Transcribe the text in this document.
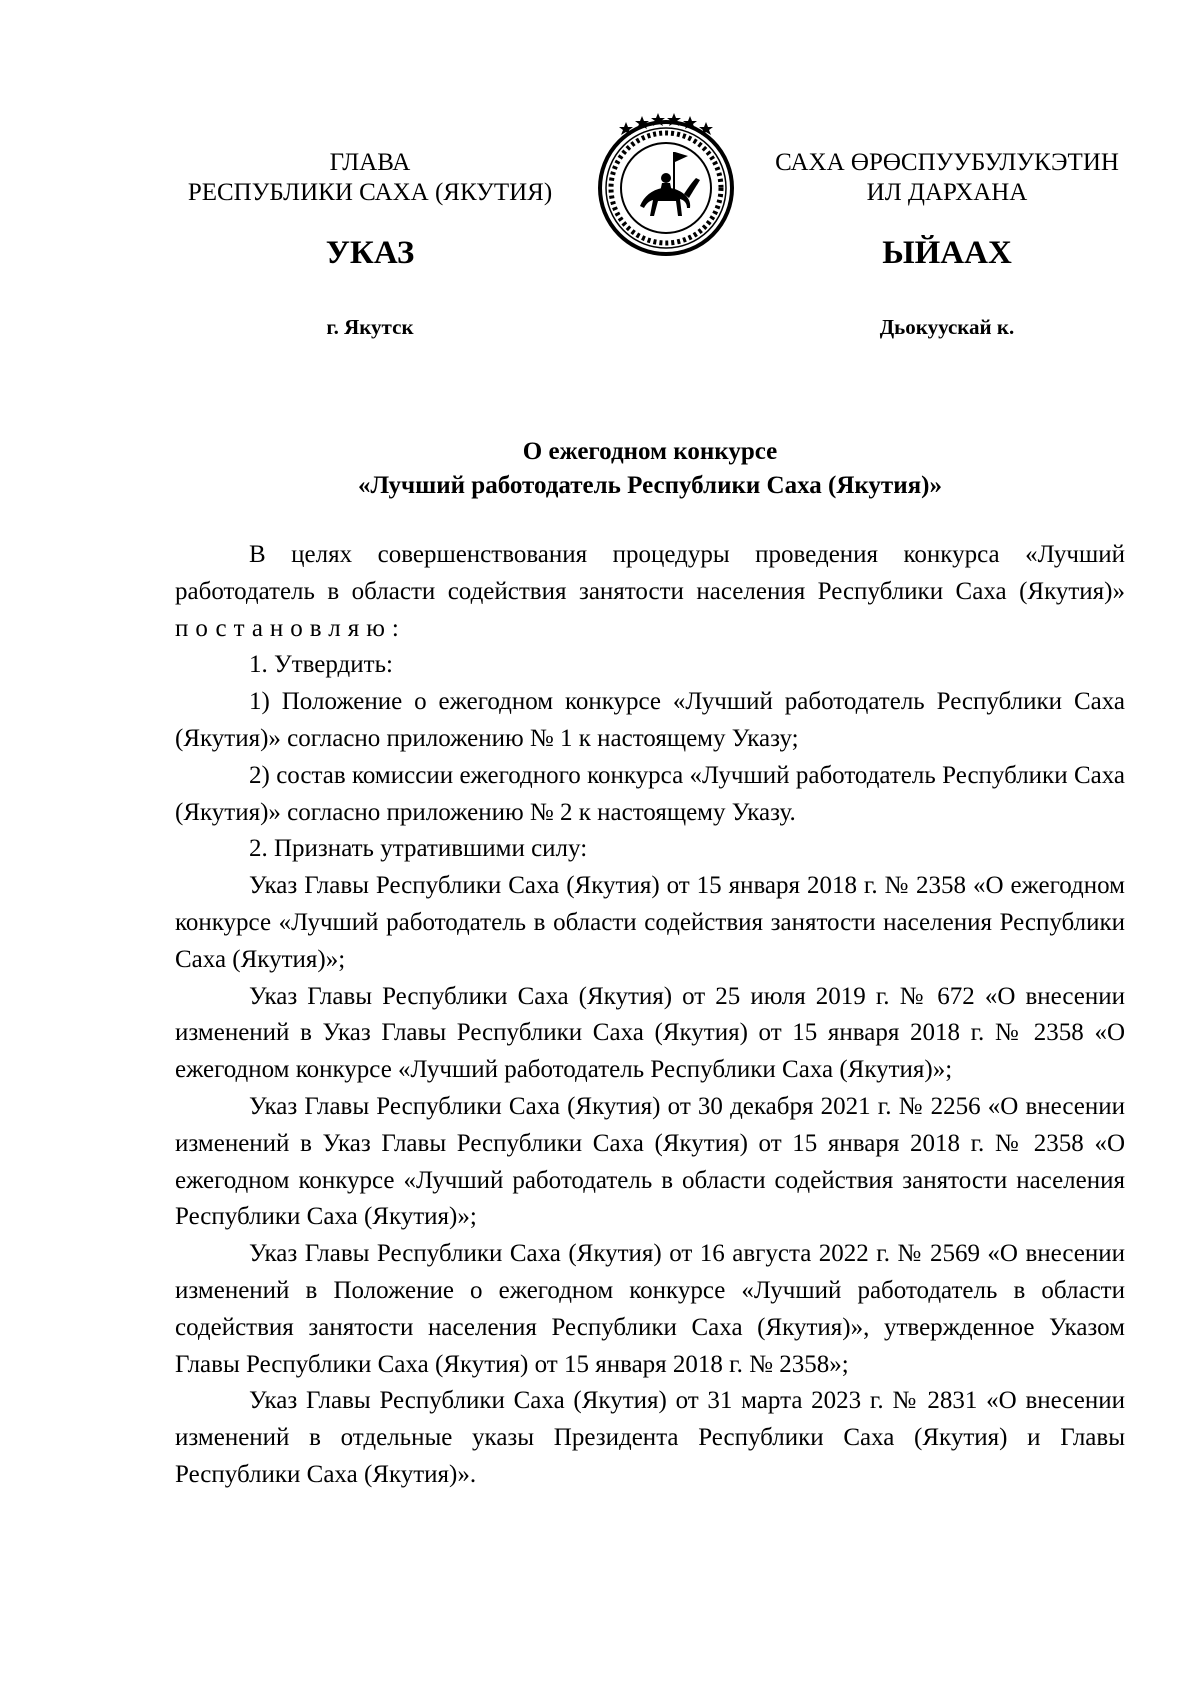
ГЛАВА
РЕСПУБЛИКИ САХА (ЯКУТИЯ)
САХА ӨРӨСПУУБУЛУКЭТИН
ИЛ ДАРХАНА
УКАЗ	ЫЙААХ
г. Якутск	Дьокуускай к.
О ежегодном конкурсе
«Лучший работодатель Республики Саха (Якутия)»

В целях совершенствования процедуры проведения конкурса «Лучший работодатель в области содействия занятости населения Республики Саха (Якутия)» постановляю:

1. Утвердить:

1) Положение о ежегодном конкурсе «Лучший работодатель Республики Саха (Якутия)» согласно приложению № 1 к настоящему Указу;

2) состав комиссии ежегодного конкурса «Лучший работодатель Республики Саха (Якутия)» согласно приложению № 2 к настоящему Указу.

2. Признать утратившими силу:

Указ Главы Республики Саха (Якутия) от 15 января 2018 г. № 2358 «О ежегодном конкурсе «Лучший работодатель в области содействия занятости населения Республики Саха (Якутия)»;

Указ Главы Республики Саха (Якутия) от 25 июля 2019 г. № 672 «О внесении изменений в Указ Главы Республики Саха (Якутия) от 15 января 2018 г. № 2358 «О ежегодном конкурсе «Лучший работодатель Республики Саха (Якутия)»;

Указ Главы Республики Саха (Якутия) от 30 декабря 2021 г. № 2256 «О внесении изменений в Указ Главы Республики Саха (Якутия) от 15 января 2018 г. № 2358 «О ежегодном конкурсе «Лучший работодатель в области содействия занятости населения Республики Саха (Якутия)»;

Указ Главы Республики Саха (Якутия) от 16 августа 2022 г. № 2569 «О внесении изменений в Положение о ежегодном конкурсе «Лучший работодатель в области содействия занятости населения Республики Саха (Якутия)», утвержденное Указом Главы Республики Саха (Якутия) от 15 января 2018 г. № 2358»;

Указ Главы Республики Саха (Якутия) от 31 марта 2023 г. № 2831 «О внесении изменений в отдельные указы Президента Республики Саха (Якутия) и Главы Республики Саха (Якутия)».
